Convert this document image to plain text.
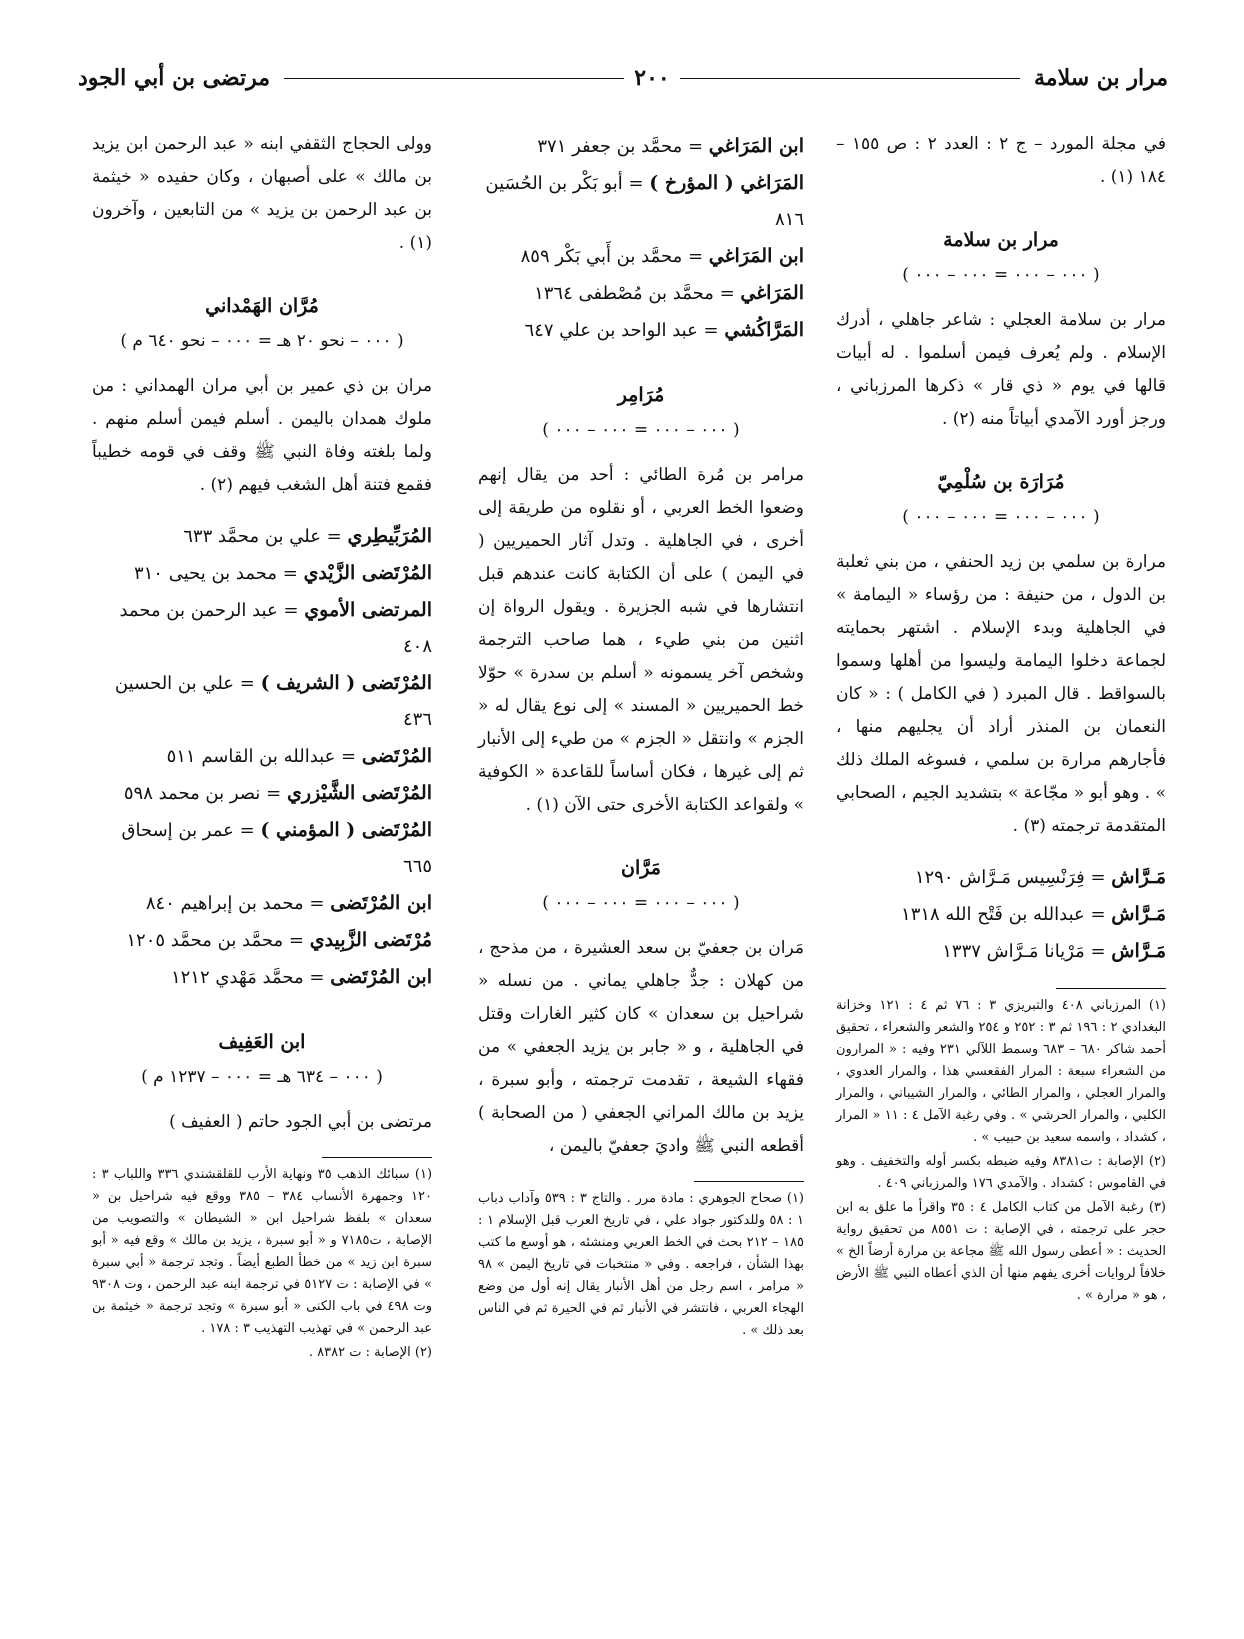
مرار بن سلامة
٢٠٠
مرتضى بن أبي الجود

في مجلة المورد – ج ٢ : العدد ٢ : ص ١٥٥ – ١٨٤ (١) .

مرار بن سلامة
( ٠٠٠ – ٠٠٠ = ٠٠٠ – ٠٠٠ )

مرار بن سلامة العجلي : شاعر جاهلي ، أدرك الإسلام . ولم يُعرف فيمن أسلموا . له أبيات قالها في يوم « ذي قار » ذكرها المرزباني ، ورجز أورد الآمدي أبياتاً منه (٢) .

مُرَارَة بن سُلْمِيّ
( ٠٠٠ – ٠٠٠ = ٠٠٠ – ٠٠٠ )

مرارة بن سلمي بن زيد الحنفي ، من بني ثعلبة بن الدول ، من حنيفة : من رؤساء « اليمامة » في الجاهلية وبدء الإسلام . اشتهر بحمايته لجماعة دخلوا اليمامة وليسوا من أهلها وسموا بالسواقط . قال المبرد ( في الكامل ) : « كان النعمان بن المنذر أراد أن يجليهم منها ، فأجارهم مرارة بن سلمي ، فسوغه الملك ذلك » . وهو أبو « مجّاعة » بتشديد الجيم ، الصحابي المتقدمة ترجمته (٣) .

مَـرَّاش = فِرَنْسِيس مَـرَّاش ١٢٩٠

مَـرَّاش = عبدالله بن فَتْح الله ١٣١٨

مَـرَّاش = مَرْيانا مَـرَّاش ١٣٣٧

(١) المرزباني ٤٠٨ والتبريزي ٣ : ٧٦ ثم ٤ : ١٢١ وخزانة البغدادي ٢ : ١٩٦ ثم ٣ : ٢٥٢ و ٢٥٤ والشعر والشعراء ، تحقيق أحمد شاكر ٦٨٠ – ٦٨٣ وسمط اللآلي ٢٣١ وفيه : « المرارون من الشعراء سبعة : المرار الفقعسي هذا ، والمرار العدوي ، والمرار العجلي ، والمرار الطائي ، والمرار الشيباني ، والمرار الكلبي ، والمرار الحرشي » . وفي رغبة الآمل ٤ : ١١ « المرار ، كشداد ، واسمه سعيد بن حبيب » .

(٢) الإصابة : ت٨٣٨١ وفيه ضبطه بكسر أوله والتخفيف . وهو في القاموس : كشداد . والآمدي ١٧٦ والمرزباني ٤٠٩ .

(٣) رغبة الآمل من كتاب الكامل ٤ : ٣٥ واقرأ ما علق به ابن حجر على ترجمته ، في الإصابة : ت ٨٥٥١ من تحقيق رواية الحديث : « أعطى رسول الله ﷺ مجاعة بن مرارة أرضاً الخ » خلافاً لروايات أخرى يفهم منها أن الذي أعطاه النبي ﷺ الأرض ، هو « مرارة » .

ابن المَرَاغي = محمَّد بن جعفر ٣٧١

المَرَاغي ( المؤرخ ) = أبو بَكْر بن الحُسَين ٨١٦

ابن المَرَاغي = محمَّد بن أَبي بَكْر ٨٥٩

المَرَاغي = محمَّد بن مُصْطفى ١٣٦٤

المَرَّاكُشي = عبد الواحد بن علي ٦٤٧

مُرَامِر
( ٠٠٠ – ٠٠٠ = ٠٠٠ – ٠٠٠ )

مرامر بن مُرة الطائي : أحد من يقال إنهم وضعوا الخط العربي ، أو نقلوه من طريقة إلى أخرى ، في الجاهلية . وتدل آثار الحميريين ( في اليمن ) على أن الكتابة كانت عندهم قبل انتشارها في شبه الجزيرة . ويقول الرواة إن اثنين من بني طيء ، هما صاحب الترجمة وشخص آخر يسمونه « أسلم بن سدرة » حوّلا خط الحميريين « المسند » إلى نوع يقال له « الجزم » وانتقل « الجزم » من طيء إلى الأنبار ثم إلى غيرها ، فكان أساساً للقاعدة « الكوفية » ولقواعد الكتابة الأخرى حتى الآن (١) .

مَرَّان
( ٠٠٠ – ٠٠٠ = ٠٠٠ – ٠٠٠ )

مَران بن جعفيّ بن سعد العشيرة ، من مذحج ، من كهلان : جدٌّ جاهلي يماني . من نسله « شراحيل بن سعدان » كان كثير الغارات وقتل في الجاهلية ، و « جابر بن يزيد الجعفي » من فقهاء الشيعة ، تقدمت ترجمته ، وأبو سبرة ، يزيد بن مالك المراني الجعفي ( من الصحابة ) أقطعه النبي ﷺ واديَ جعفيّ باليمن ،

(١) صحاح الجوهري : مادة مرر . والتاج ٣ : ٥٣٩ وآداب دباب ١ : ٥٨ وللدكتور جواد علي ، في تاريخ العرب قبل الإسلام ١ : ١٨٥ – ٢١٢ بحث في الخط العربي ومنشئه ، هو أوسع ما كتب بهذا الشأن ، فراجعه . وفي « منتخبات في تاريخ اليمن » ٩٨ « مرامر ، اسم رجل من أهل الأنبار يقال إنه أول من وضع الهجاء العربي ، فانتشر في الأنبار ثم في الحيرة ثم في الناس بعد ذلك » .

وولى الحجاج الثقفي ابنه « عبد الرحمن ابن يزيد بن مالك » على أصبهان ، وكان حفيده « خيثمة بن عبد الرحمن بن يزيد » من التابعين ، وآخرون (١) .

مُرَّان الهَمْداني
( ٠٠٠ – نحو ٢٠ هـ = ٠٠٠ – نحو ٦٤٠ م )

مران بن ذي عمير بن أبي مران الهمداني : من ملوك همدان باليمن . أسلم فيمن أسلم منهم . ولما بلغته وفاة النبي ﷺ وقف في قومه خطيباً فقمع فتنة أهل الشغب فيهم (٢) .

المُرَبِّيطِري = علي بن محمَّد ٦٣٣

المُرْتَضى الزَّيْدي = محمد بن يحيى ٣١٠

المرتضى الأموي = عبد الرحمن بن محمد ٤٠٨

المُرْتَضى ( الشريف ) = علي بن الحسين ٤٣٦

المُرْتَضى = عبدالله بن القاسم ٥١١

المُرْتَضى الشَّيْزري = نصر بن محمد ٥٩٨

المُرْتَضى ( المؤمني ) = عمر بن إسحاق ٦٦٥

ابن المُرْتَضى = محمد بن إبراهيم ٨٤٠

مُرْتَضى الزَّبِيدي = محمَّد بن محمَّد ١٢٠٥

ابن المُرْتَضى = محمَّد مَهْدي ١٢١٢

ابن العَفِيف
( ٠٠٠ – ٦٣٤ هـ = ٠٠٠ – ١٢٣٧ م )

مرتضى بن أبي الجود حاتم ( العفيف )

(١) سبائك الذهب ٣٥ ونهاية الأرب للقلقشندي ٣٣٦ واللباب ٣ : ١٢٠ وجمهرة الأنساب ٣٨٤ – ٣٨٥ ووقع فيه شراحيل بن « سعدان » بلفظ شراحيل ابن « الشيطان » والتصويب من الإصابة ، ت٧١٨٥ و « أبو سبرة ، يزيد بن مالك » وقع فيه « أبو سبرة ابن زيد » من خطأ الطبع أيضاً . وتجد ترجمة « أبي سبرة » في الإصابة : ت ٥١٢٧ في ترجمة ابنه عبد الرحمن ، وت ٩٣٠٨ وت ٤٩٨ في باب الكنى « أبو سبرة » وتجد ترجمة « خيثمة بن عبد الرحمن » في تهذيب التهذيب ٣ : ١٧٨ .

(٢) الإصابة : ت ٨٣٨٢ .
